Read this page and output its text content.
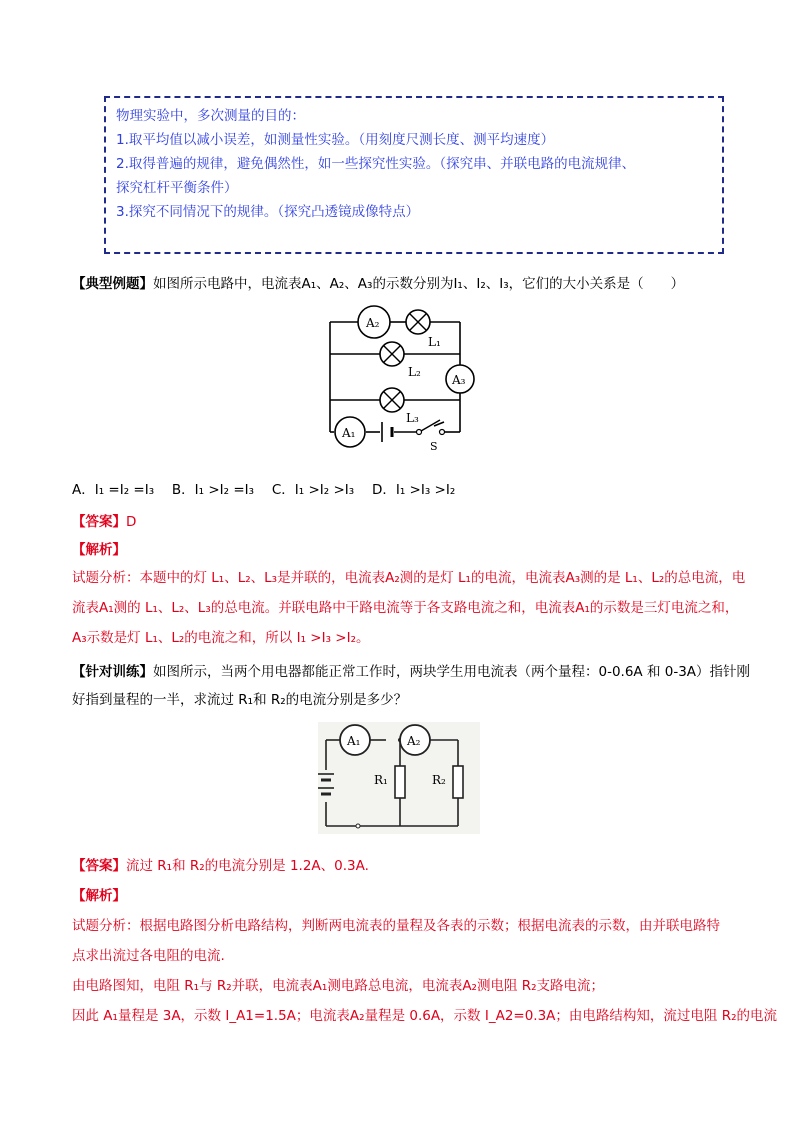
物理实验中，多次测量的目的：
1.取平均值以减小误差，如测量性实验。（用刻度尺测长度、测平均速度）
2.取得普遍的规律，避免偶然性，如一些探究性实验。（探究串、并联电路的电流规律、
探究杠杆平衡条件）
3.探究不同情况下的规律。（探究凸透镜成像特点）
【典型例题】如图所示电路中，电流表A₁、A₂、A₃的示数分别为I₁、I₂、I₃，它们的大小关系是（　　）
A₂
L₁
L₂
A₃
L₃
A₁
S
A．I₁ =I₂ =I₃　 B．I₁ >I₂ =I₃　 C．I₁ >I₂ >I₃　 D．I₁ >I₃ >I₂
【答案】D
【解析】
试题分析：本题中的灯 L₁、L₂、L₃是并联的，电流表A₂测的是灯 L₁的电流，电流表A₃测的是 L₁、L₂的总电流，电
流表A₁测的 L₁、L₂、L₃的总电流。并联电路中干路电流等于各支路电流之和，电流表A₁的示数是三灯电流之和，
A₃示数是灯 L₁、L₂的电流之和，所以 I₁ >I₃ >I₂。
【针对训练】如图所示，当两个用电器都能正常工作时，两块学生用电流表（两个量程：0-0.6A 和 0-3A）指针刚
好指到量程的一半，求流过 R₁和 R₂的电流分别是多少？
A₁	A₂
R₁	R₂
【答案】流过 R₁和 R₂的电流分别是 1.2A、0.3A.
【解析】
试题分析：根据电路图分析电路结构，判断两电流表的量程及各表的示数；根据电流表的示数，由并联电路特
点求出流过各电阻的电流.
由电路图知，电阻 R₁与 R₂并联，电流表A₁测电路总电流，电流表A₂测电阻 R₂支路电流；
因此 A₁量程是 3A，示数 I_A1=1.5A；电流表A₂量程是 0.6A，示数 I_A2=0.3A；由电路结构知，流过电阻 R₂的电流
